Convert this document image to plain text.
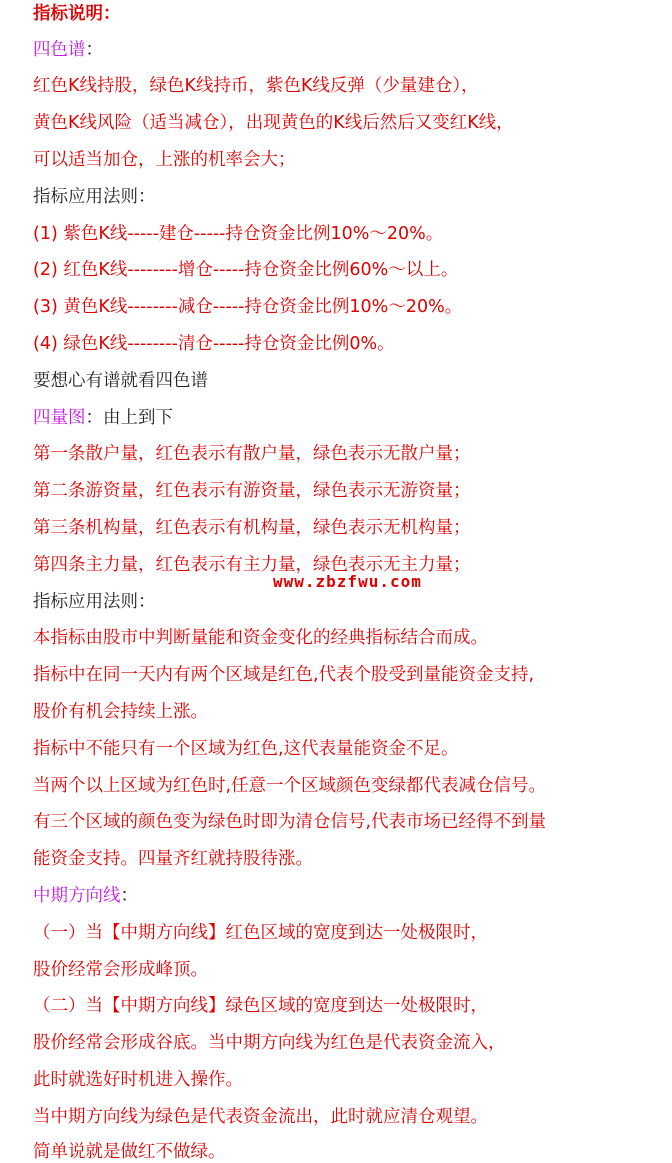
指标说明：
四色谱：
红色K线持股，绿色K线持币，紫色K线反弹（少量建仓），
黄色K线风险（适当减仓），出现黄色的K线后然后又变红K线，
可以适当加仓，上涨的机率会大；
指标应用法则：
(1) 紫色K线-----建仓-----持仓资金比例10%～20%。
(2) 红色K线--------增仓-----持仓资金比例60%～以上。
(3) 黄色K线--------减仓-----持仓资金比例10%～20%。
(4) 绿色K线--------清仓-----持仓资金比例0%。
要想心有谱就看四色谱
四量图：由上到下
第一条散户量，红色表示有散户量，绿色表示无散户量；
第二条游资量，红色表示有游资量，绿色表示无游资量；
第三条机构量，红色表示有机构量，绿色表示无机构量；
第四条主力量，红色表示有主力量，绿色表示无主力量；
www.zbzfwu.com
指标应用法则：
本指标由股市中判断量能和资金变化的经典指标结合而成。
指标中在同一天内有两个区域是红色,代表个股受到量能资金支持,
股价有机会持续上涨。
指标中不能只有一个区域为红色,这代表量能资金不足。
当两个以上区域为红色时,任意一个区域颜色变绿都代表减仓信号。
有三个区域的颜色变为绿色时即为清仓信号,代表市场已经得不到量
能资金支持。四量齐红就持股待涨。
中期方向线：
（一）当【中期方向线】红色区域的宽度到达一处极限时，
股价经常会形成峰顶。
（二）当【中期方向线】绿色区域的宽度到达一处极限时，
股价经常会形成谷底。当中期方向线为红色是代表资金流入，
此时就选好时机进入操作。
当中期方向线为绿色是代表资金流出，此时就应清仓观望。
简单说就是做红不做绿。
